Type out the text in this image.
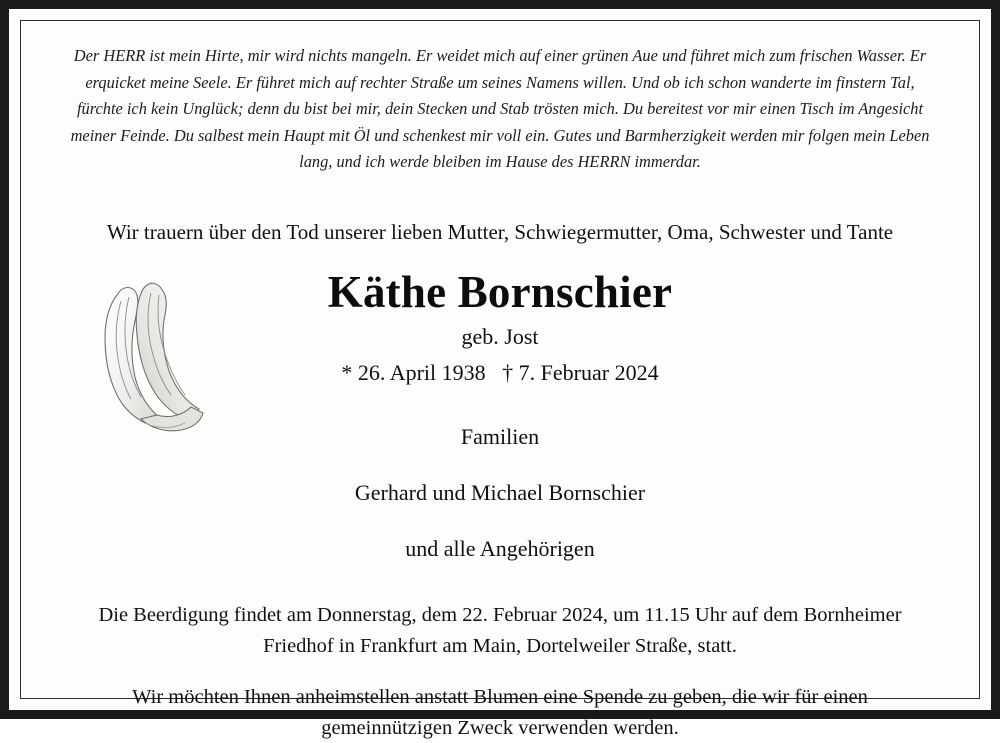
Der HERR ist mein Hirte, mir wird nichts mangeln. Er weidet mich auf einer grünen Aue und führet mich zum frischen Wasser. Er erquicket meine Seele. Er führet mich auf rechter Straße um seines Namens willen. Und ob ich schon wanderte im finstern Tal, fürchte ich kein Unglück; denn du bist bei mir, dein Stecken und Stab trösten mich. Du bereitest vor mir einen Tisch im Angesicht meiner Feinde. Du salbest mein Haupt mit Öl und schenkest mir voll ein. Gutes und Barmherzigkeit werden mir folgen mein Leben lang, und ich werde bleiben im Hause des HERRN immerdar.

Wir trauern über den Tod unserer lieben Mutter, Schwiegermutter, Oma, Schwester und Tante

Käthe Bornschier

geb. Jost

* 26. April 1938   † 7. Februar 2024

Familien

Gerhard und Michael Bornschier

und alle Angehörigen

Die Beerdigung findet am Donnerstag, dem 22. Februar 2024, um 11.15 Uhr auf dem Bornheimer Friedhof in Frankfurt am Main, Dortelweiler Straße, statt.

Wir möchten Ihnen anheimstellen anstatt Blumen eine Spende zu geben, die wir für einen gemeinnützigen Zweck verwenden werden.
